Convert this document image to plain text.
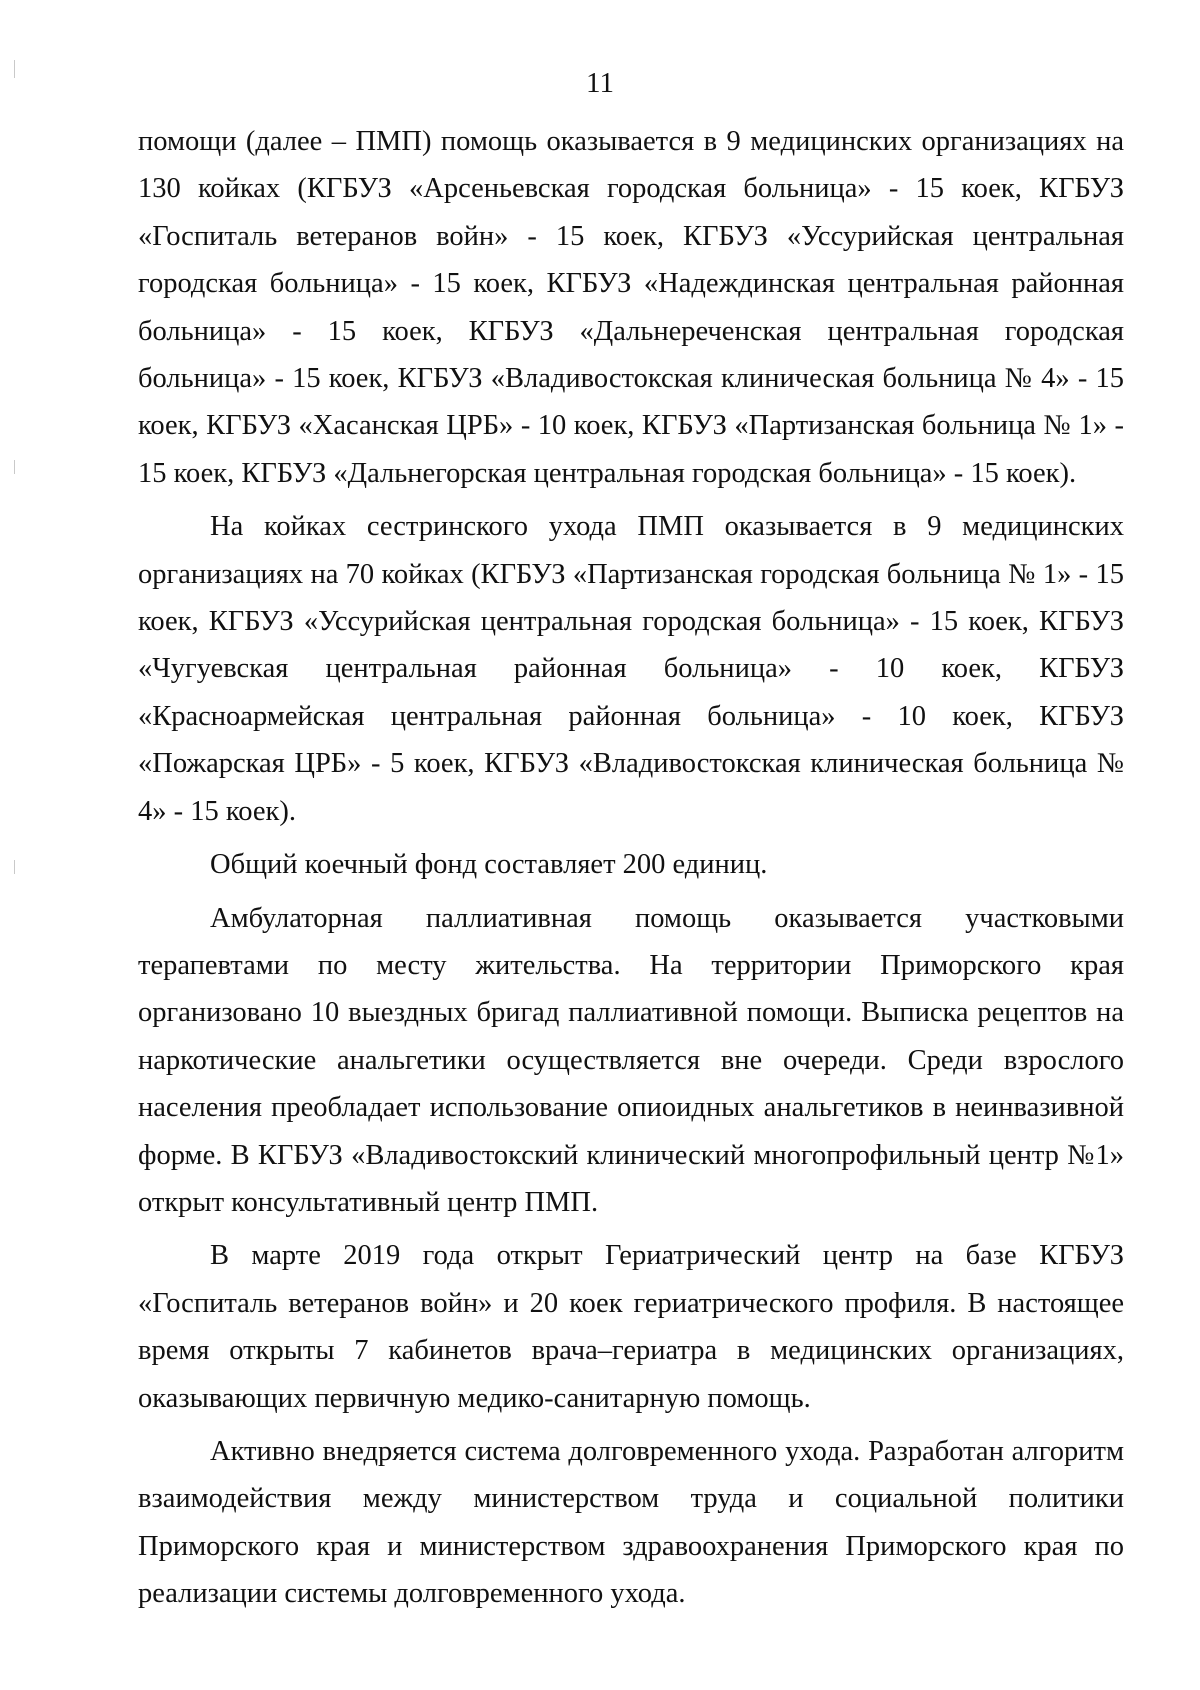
11

помощи (далее – ПМП) помощь оказывается в 9 медицинских организациях на 130 койках (КГБУЗ «Арсеньевская городская больница» - 15 коек, КГБУЗ «Госпиталь ветеранов войн» - 15 коек, КГБУЗ «Уссурийская центральная городская больница» - 15 коек, КГБУЗ «Надеждинская центральная районная больница» - 15 коек, КГБУЗ «Дальнереченская центральная городская больница» - 15 коек, КГБУЗ «Владивостокская клиническая больница № 4» - 15 коек, КГБУЗ «Хасанская ЦРБ» - 10 коек, КГБУЗ «Партизанская больница № 1» - 15 коек, КГБУЗ «Дальнегорская центральная городская больница» - 15 коек).

На койках сестринского ухода ПМП оказывается в 9 медицинских организациях на 70 койках (КГБУЗ «Партизанская городская больница № 1» - 15 коек, КГБУЗ «Уссурийская центральная городская больница» - 15 коек, КГБУЗ «Чугуевская центральная районная больница» - 10 коек, КГБУЗ «Красноармейская центральная районная больница» - 10 коек, КГБУЗ «Пожарская ЦРБ» - 5 коек, КГБУЗ «Владивостокская клиническая больница № 4» - 15 коек).

Общий коечный фонд составляет 200 единиц.

Амбулаторная паллиативная помощь оказывается участковыми терапевтами по месту жительства. На территории Приморского края организовано 10 выездных бригад паллиативной помощи. Выписка рецептов на наркотические анальгетики осуществляется вне очереди. Среди взрослого населения преобладает использование опиоидных анальгетиков в неинвазивной форме. В КГБУЗ «Владивостокский клинический многопрофильный центр №1» открыт консультативный центр ПМП.

В марте 2019 года открыт Гериатрический центр на базе КГБУЗ «Госпиталь ветеранов войн» и 20 коек гериатрического профиля. В настоящее время открыты 7 кабинетов врача–гериатра в медицинских организациях, оказывающих первичную медико-санитарную помощь.

Активно внедряется система долговременного ухода. Разработан алгоритм взаимодействия между министерством труда и социальной политики Приморского края и министерством здравоохранения Приморского края по реализации системы долговременного ухода.
